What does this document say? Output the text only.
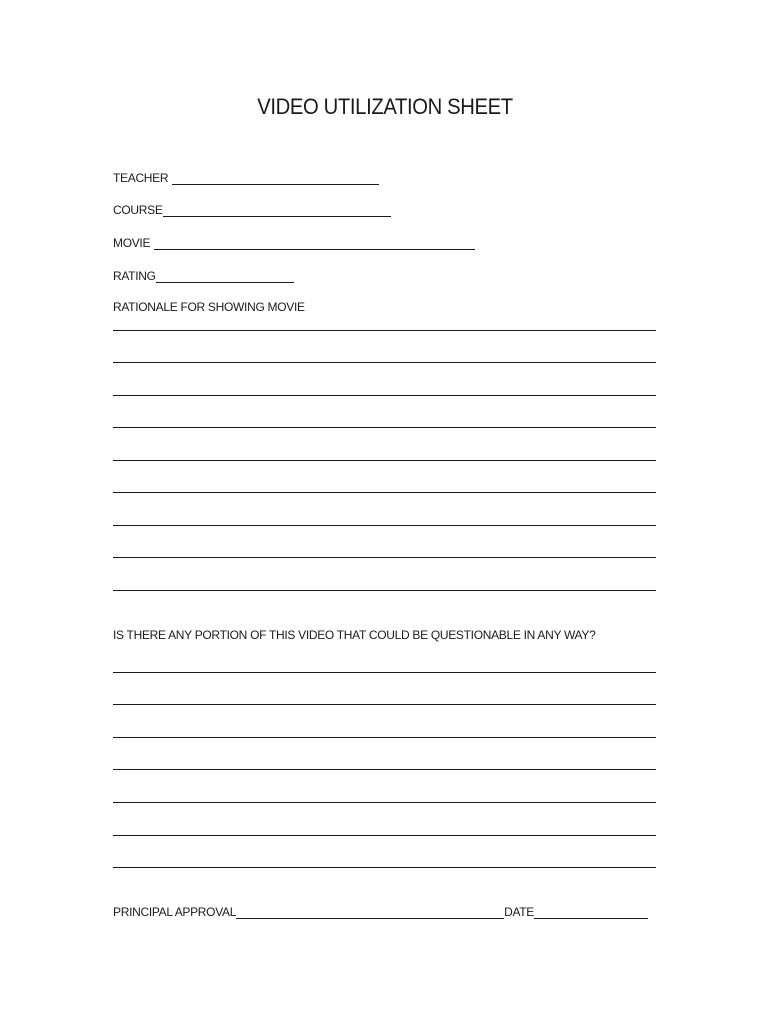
VIDEO UTILIZATION SHEET
TEACHER
COURSE
MOVIE
RATING
RATIONALE FOR SHOWING MOVIE
IS THERE ANY PORTION OF THIS VIDEO THAT COULD BE QUESTIONABLE IN ANY WAY?
PRINCIPAL APPROVAL	DATE
